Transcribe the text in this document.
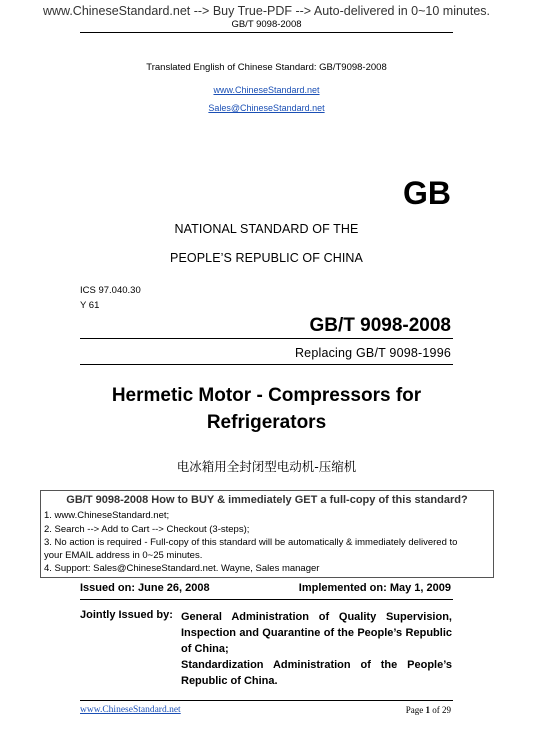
www.ChineseStandard.net --> Buy True-PDF --> Auto-delivered in 0~10 minutes.
GB/T 9098-2008
Translated English of Chinese Standard: GB/T9098-2008
www.ChineseStandard.net
Sales@ChineseStandard.net
GB
NATIONAL STANDARD OF THE
PEOPLE’S REPUBLIC OF CHINA
ICS 97.040.30
Y 61
GB/T 9098-2008
Replacing GB/T 9098-1996
Hermetic Motor - Compressors for
Refrigerators
电冰箱用全封闭型电动机-压缩机
GB/T 9098-2008 How to BUY & immediately GET a full-copy of this standard?
1. www.ChineseStandard.net;
2. Search --> Add to Cart --> Checkout (3-steps);
3. No action is required - Full-copy of this standard will be automatically & immediately delivered to
your EMAIL address in 0~25 minutes.
4. Support: Sales@ChineseStandard.net. Wayne, Sales manager
Issued on: June 26, 2008	Implemented on: May 1, 2009
Jointly Issued by: General Administration of Quality Supervision,
Inspection and Quarantine of the People’s Republic
of China;
Standardization Administration of the People’s
Republic of China.
www.ChineseStandard.net	Page 1 of 29
